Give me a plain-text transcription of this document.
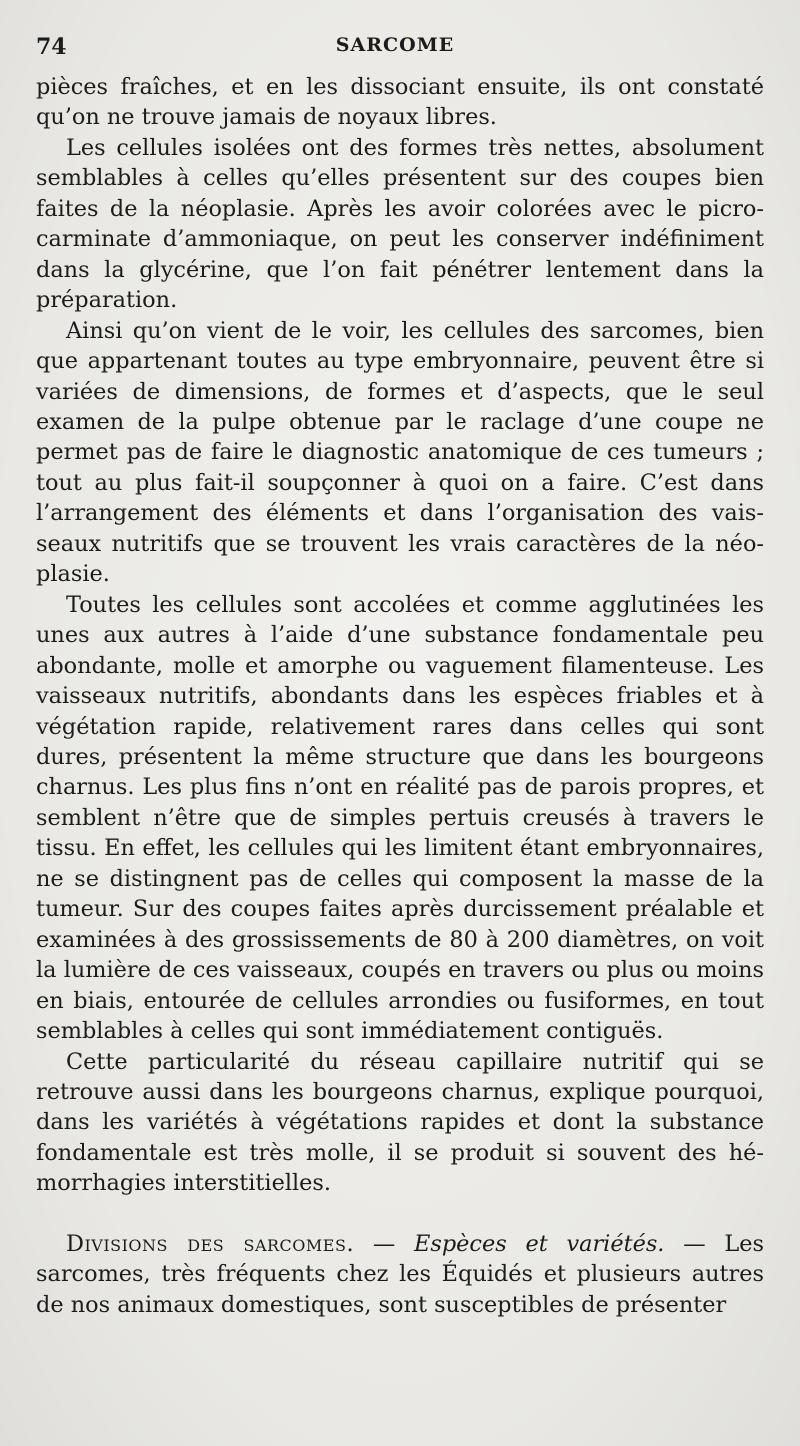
74	SARCOME

pièces fraîches, et en les dissociant ensuite, ils ont constaté qu’on ne trouve jamais de noyaux libres.

Les cellules isolées ont des formes très nettes, absolument semblables à celles qu’elles présentent sur des coupes bien faites de la néoplasie. Après les avoir colorées avec le picrocarminate d’ammoniaque, on peut les conserver indéfiniment dans la glycérine, que l’on fait pénétrer lentement dans la préparation.

Ainsi qu’on vient de le voir, les cellules des sarcomes, bien que appartenant toutes au type embryonnaire, peuvent être si variées de dimensions, de formes et d’aspects, que le seul examen de la pulpe obtenue par le raclage d’une coupe ne permet pas de faire le diagnostic anatomique de ces tumeurs ; tout au plus fait-il soupçonner à quoi on a faire. C’est dans l’arrangement des éléments et dans l’organisation des vaisseaux nutritifs que se trouvent les vrais caractères de la néoplasie.

Toutes les cellules sont accolées et comme agglutinées les unes aux autres à l’aide d’une substance fondamentale peu abondante, molle et amorphe ou vaguement filamenteuse. Les vaisseaux nutritifs, abondants dans les espèces friables et à végétation rapide, relativement rares dans celles qui sont dures, présentent la même structure que dans les bourgeons charnus. Les plus fins n’ont en réalité pas de parois propres, et semblent n’être que de simples pertuis creusés à travers le tissu. En effet, les cellules qui les limitent étant embryonnaires, ne se distingnent pas de celles qui composent la masse de la tumeur. Sur des coupes faites après durcissement préalable et examinées à des grossissements de 80 à 200 diamètres, on voit la lumière de ces vaisseaux, coupés en travers ou plus ou moins en biais, entourée de cellules arrondies ou fusiformes, en tout semblables à celles qui sont immédiatement contiguës.

Cette particularité du réseau capillaire nutritif qui se retrouve aussi dans les bourgeons charnus, explique pourquoi, dans les variétés à végétations rapides et dont la substance fondamentale est très molle, il se produit si souvent des hémorrhagies interstitielles.

Divisions des sarcomes. — Espèces et variétés. — Les sarcomes, très fréquents chez les Équidés et plusieurs autres de nos animaux domestiques, sont susceptibles de présenter
